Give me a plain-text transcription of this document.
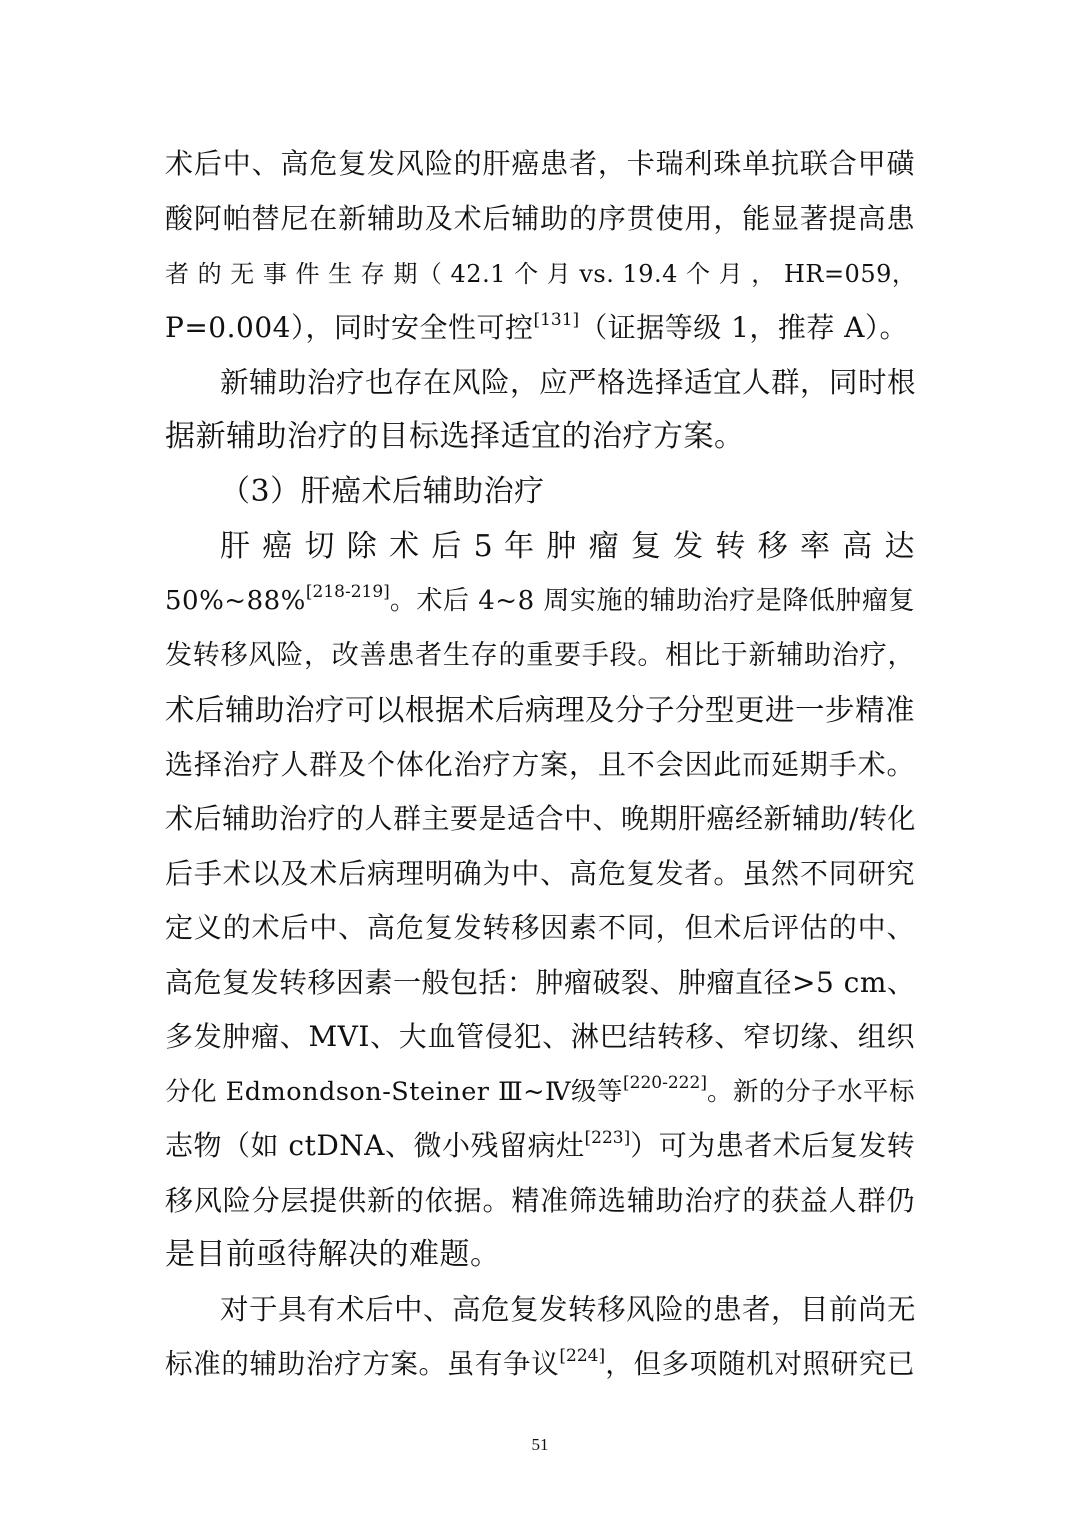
术后中、高危复发风险的肝癌患者，卡瑞利珠单抗联合甲磺
酸阿帕替尼在新辅助及术后辅助的序贯使用，能显著提高患
者 的 无 事 件 生 存 期（ 42.1 个 月 vs. 19.4 个 月 ， HR=059，
P=0.004），同时安全性可控[131]（证据等级 1，推荐 A）。
新辅助治疗也存在风险，应严格选择适宜人群，同时根
据新辅助治疗的目标选择适宜的治疗方案。
（3）肝癌术后辅助治疗
肝 癌 切 除 术 后 5 年 肿 瘤 复 发 转 移 率 高 达
50%~88%[218-219]。术后 4~8 周实施的辅助治疗是降低肿瘤复
发转移风险，改善患者生存的重要手段。相比于新辅助治疗，
术后辅助治疗可以根据术后病理及分子分型更进一步精准
选择治疗人群及个体化治疗方案，且不会因此而延期手术。
术后辅助治疗的人群主要是适合中、晚期肝癌经新辅助/转化
后手术以及术后病理明确为中、高危复发者。虽然不同研究
定义的术后中、高危复发转移因素不同，但术后评估的中、
高危复发转移因素一般包括：肿瘤破裂、肿瘤直径>5 cm、
多发肿瘤、MVI、大血管侵犯、淋巴结转移、窄切缘、组织
分化 Edmondson-Steiner Ⅲ~Ⅳ级等[220-222]。新的分子水平标
志物（如 ctDNA、微小残留病灶[223]）可为患者术后复发转
移风险分层提供新的依据。精准筛选辅助治疗的获益人群仍
是目前亟待解决的难题。
对于具有术后中、高危复发转移风险的患者，目前尚无
标准的辅助治疗方案。虽有争议[224]，但多项随机对照研究已
51
